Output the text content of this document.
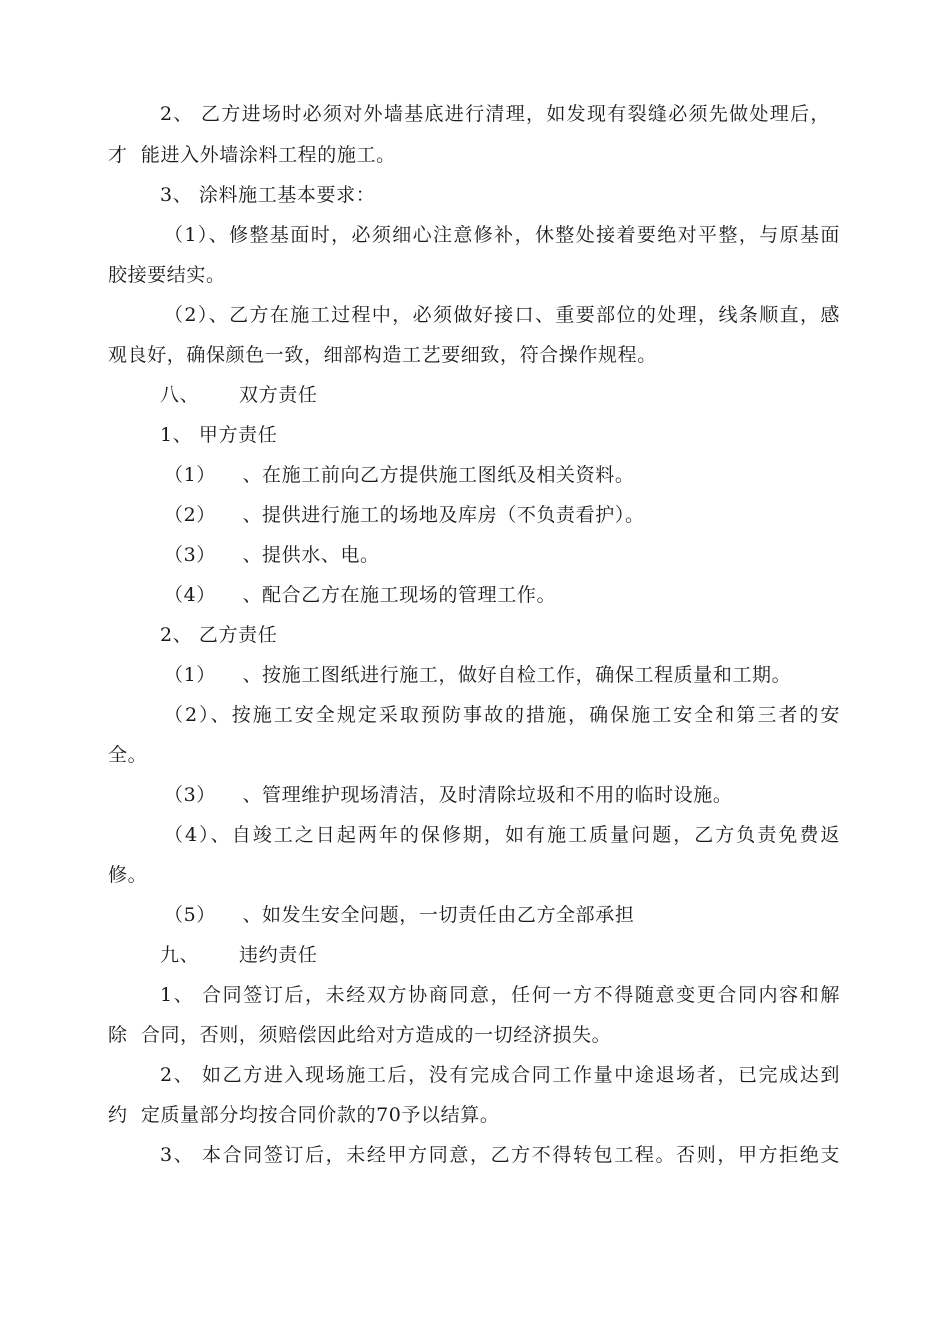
2、 乙方进场时必须对外墙基底进行清理，如发现有裂缝必须先做处理后，
才  能进入外墙涂料工程的施工。
3、 涂料施工基本要求：
（1）、修整基面时，必须细心注意修补，休整处接着要绝对平整，与原基面
胶接要结实。
（2）、乙方在施工过程中，必须做好接口、重要部位的处理，线条顺直，感
观良好，确保颜色一致，细部构造工艺要细致，符合操作规程。
八、      双方责任
1、 甲方责任
（1）    、在施工前向乙方提供施工图纸及相关资料。
（2）    、提供进行施工的场地及库房（不负责看护）。
（3）    、提供水、电。
（4）    、配合乙方在施工现场的管理工作。
2、 乙方责任
（1）    、按施工图纸进行施工，做好自检工作，确保工程质量和工期。
（2）、按施工安全规定采取预防事故的措施，确保施工安全和第三者的安
全。
（3）    、管理维护现场清洁，及时清除垃圾和不用的临时设施。
（4）、自竣工之日起两年的保修期，如有施工质量问题，乙方负责免费返
修。
（5）    、如发生安全问题，一切责任由乙方全部承担
九、      违约责任
1、 合同签订后，未经双方协商同意，任何一方不得随意变更合同内容和解
除  合同，否则，须赔偿因此给对方造成的一切经济损失。
2、 如乙方进入现场施工后，没有完成合同工作量中途退场者，已完成达到
约  定质量部分均按合同价款的70予以结算。
3、 本合同签订后，未经甲方同意，乙方不得转包工程。否则，甲方拒绝支
